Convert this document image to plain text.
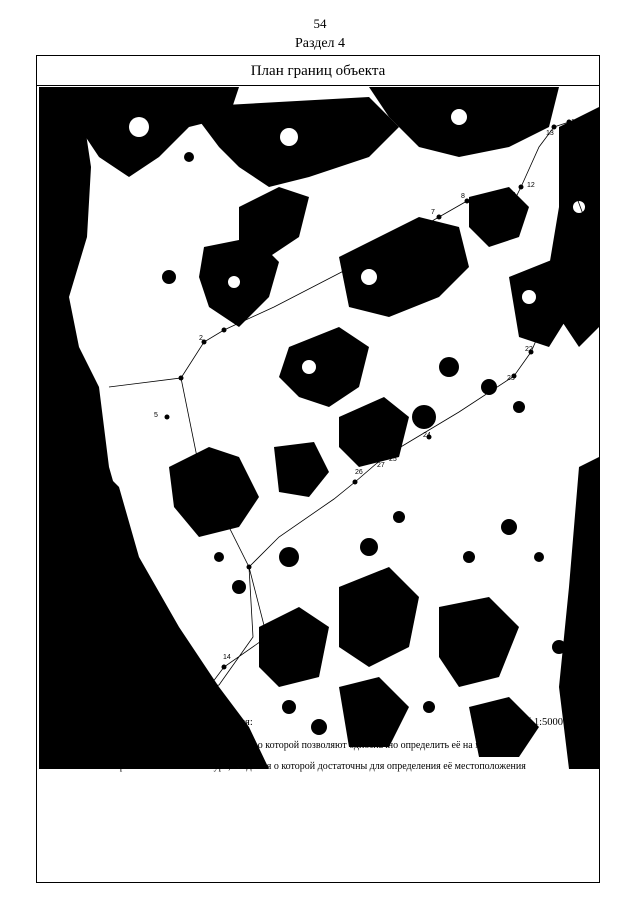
54
Раздел 4
План границ объекта
2
5
6
7
8
9
10
11
12
13
14
15
16
17
18
19
20
21
22
23
24
25
26
27
Используемые условные знаки и обозначения:	Масштаб 1:5000
1 - характерная точка контура, сведения о которой позволяют однозначно определить её на местности
- вновь образованная часть контура, сведения о которой достаточны для определения её местоположения
